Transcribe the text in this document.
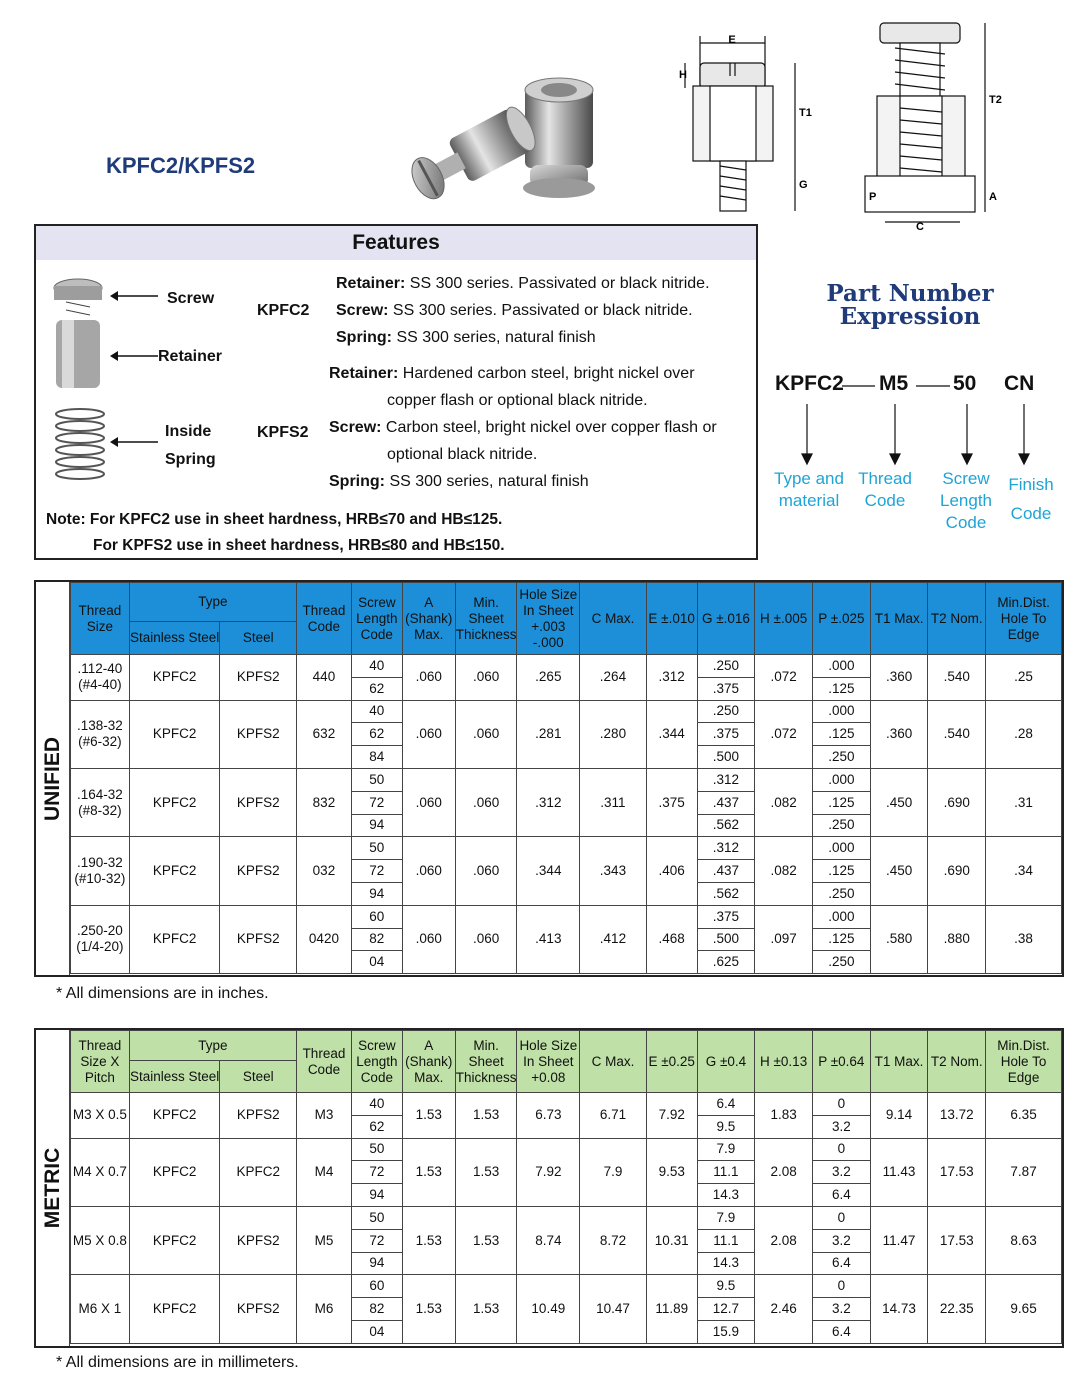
KPFC2/KPFS2
E
H
T1
G
T2
P	A
C
Features
Screw
Retainer
Inside
Spring
KPFC2
KPFS2
Retainer: SS 300 series. Passivated or black nitride.
Screw: SS 300 series. Passivated or black nitride.
Spring: SS 300 series, natural finish
Retainer: Hardened carbon steel, bright nickel over
copper flash or optional black nitride.
Screw: Carbon steel, bright nickel over copper flash or
optional black nitride.
Spring: SS 300 series, natural finish
Note: For KPFC2 use in sheet hardness, HRB≤70 and HB≤125.
For KPFS2 use in sheet hardness, HRB≤80 and HB≤150.
Part Number
Expression
KPFC2 M5 50 CN
Type and
material
Thread
Code
Screw
Length
Code
Finish
Code
UNIFIED
Thread Size	Type		Thread Code	Screw Length Code	A (Shank) Max.	Min. Sheet Thickness	Hole Size In Sheet +.003 -.000	C Max.	E ±.010	G ±.016	H ±.005	P ±.025	T1 Max.	T2 Nom.	Min.Dist. Hole To Edge
	Stainless Steel	Steel													

.112-40
(#4-40)	KPFC2	KPFS2	440	40	.060	.060	.265	.264	.312	.250	.072	.000	.360	.540	.25
				62						.375		.125			

.138-32
(#6-32)	KPFC2	KPFS2	632	40	.060	.060	.281	.280	.344	.250	.072	.000	.360	.540	.28
				62						.375		.125			
				84						.500		.250			

.164-32
(#8-32)	KPFC2	KPFS2	832	50	.060	.060	.312	.311	.375	.312	.082	.000	.450	.690	.31
				72						.437		.125			
				94						.562		.250			

.190-32
(#10-32)	KPFC2	KPFS2	032	50	.060	.060	.344	.343	.406	.312	.082	.000	.450	.690	.34
				72						.437		.125			
				94						.562		.250			

.250-20
(1/4-20)	KPFC2	KPFS2	0420	60	.060	.060	.413	.412	.468	.375	.097	.000	.580	.880	.38
				82						.500		.125			
				04						.625		.250			
* All dimensions are in inches.
METRIC
Thread Size X Pitch	Type		Thread Code	Screw Length Code	A (Shank) Max.	Min. Sheet Thickness	Hole Size In Sheet +0.08	C Max.	E ±0.25	G ±0.4	H ±0.13	P ±0.64	T1 Max.	T2 Nom.	Min.Dist. Hole To Edge
	Stainless Steel	Steel													

M3 X 0.5	KPFC2	KPFS2	M3	40	1.53	1.53	6.73	6.71	7.92	6.4	1.83	0	9.14	13.72	6.35
				62						9.5		3.2			

M4 X 0.7	KPFC2	KPFC2	M4	50	1.53	1.53	7.92	7.9	9.53	7.9	2.08	0	11.43	17.53	7.87
				72						11.1		3.2			
				94						14.3		6.4			

M5 X 0.8	KPFC2	KPFS2	M5	50	1.53	1.53	8.74	8.72	10.31	7.9	2.08	0	11.47	17.53	8.63
				72						11.1		3.2			
				94						14.3		6.4			

M6 X 1	KPFC2	KPFS2	M6	60	1.53	1.53	10.49	10.47	11.89	9.5	2.46	0	14.73	22.35	9.65
				82						12.7		3.2			
				04						15.9		6.4			
* All dimensions are in millimeters.
